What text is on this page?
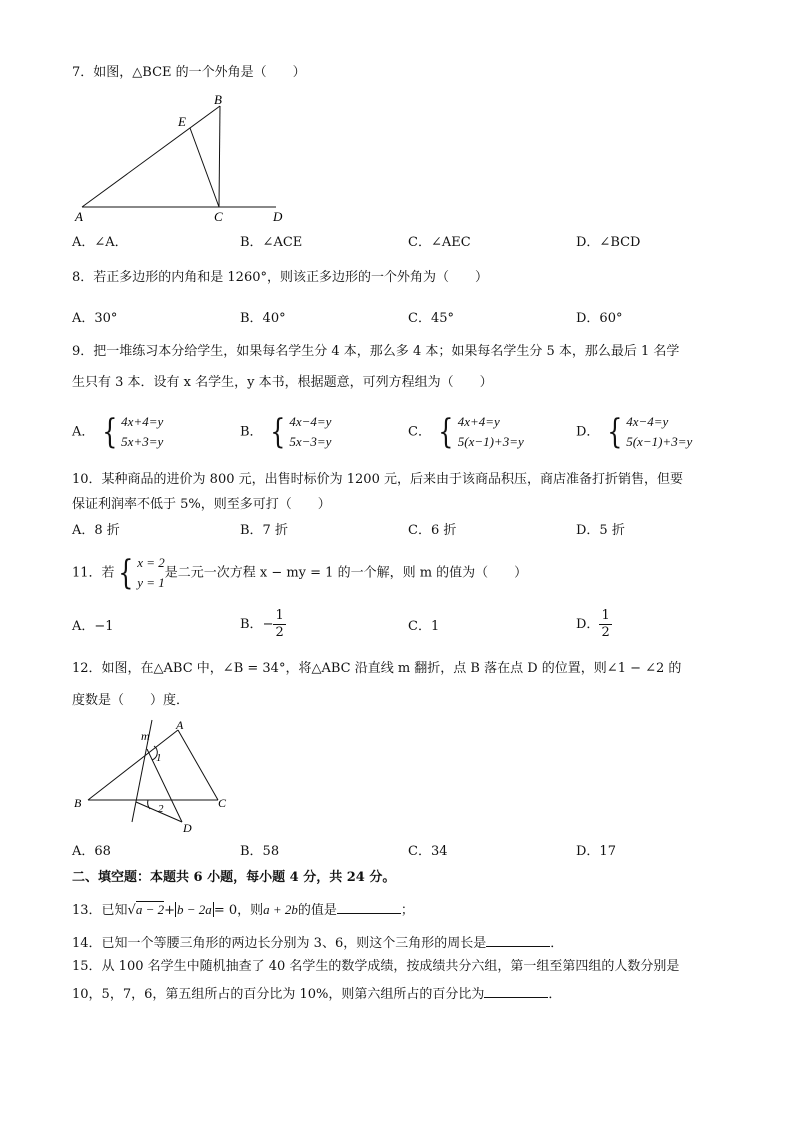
7．如图，△BCE 的一个外角是（　　）
B
E
A	C	D
A．∠A．	B．∠ACE	C．∠AEC	D．∠BCD
8．若正多边形的内角和是 1260°，则该正多边形的一个外角为（　　）
A．30°	B．40°	C．45°	D．60°
9．把一堆练习本分给学生，如果每名学生分 4 本，那么多 4 本；如果每名学生分 5 本，那么最后 1 名学
生只有 3 本．设有 x 名学生，y 本书，根据题意，可列方程组为（　　）
A． { 4x+4=y
5x+3=y
B． { 4x−4=y
5x−3=y
C． { 4x+4=y
5(x−1)+3=y
D． { 4x−4=y
5(x−1)+3=y
10．某种商品的进价为 800 元，出售时标价为 1200 元，后来由于该商品积压，商店准备打折销售，但要
保证利润率不低于 5%，则至多可打（　　）
A．8 折	B．7 折	C．6 折	D．5 折
11．若 { x = 2
y = 1
是二元一次方程 x − my = 1 的一个解，则 m 的值为（　　）
A．−1	B．− $\frac{1}{2}$	C．1	D． $\frac{1}{2}$
12．如图，在△ABC 中，∠B = 34°，将△ABC 沿直线 m 翻折，点 B 落在点 D 的位置，则∠1 − ∠2 的
度数是（　　）度．
m
A
1
B	C
2
D
A．68	B．58	C．34	D．17
二、填空题：本题共 6 小题，每小题 4 分，共 24 分。
13．已知√a − 2+ b − 2a = 0，则a + 2b的值是	；
14．已知一个等腰三角形的两边长分别为 3、6，则这个三角形的周长是	．
15．从 100 名学生中随机抽查了 40 名学生的数学成绩，按成绩共分六组，第一组至第四组的人数分别是
10，5，7，6，第五组所占的百分比为 10%，则第六组所占的百分比为	．
